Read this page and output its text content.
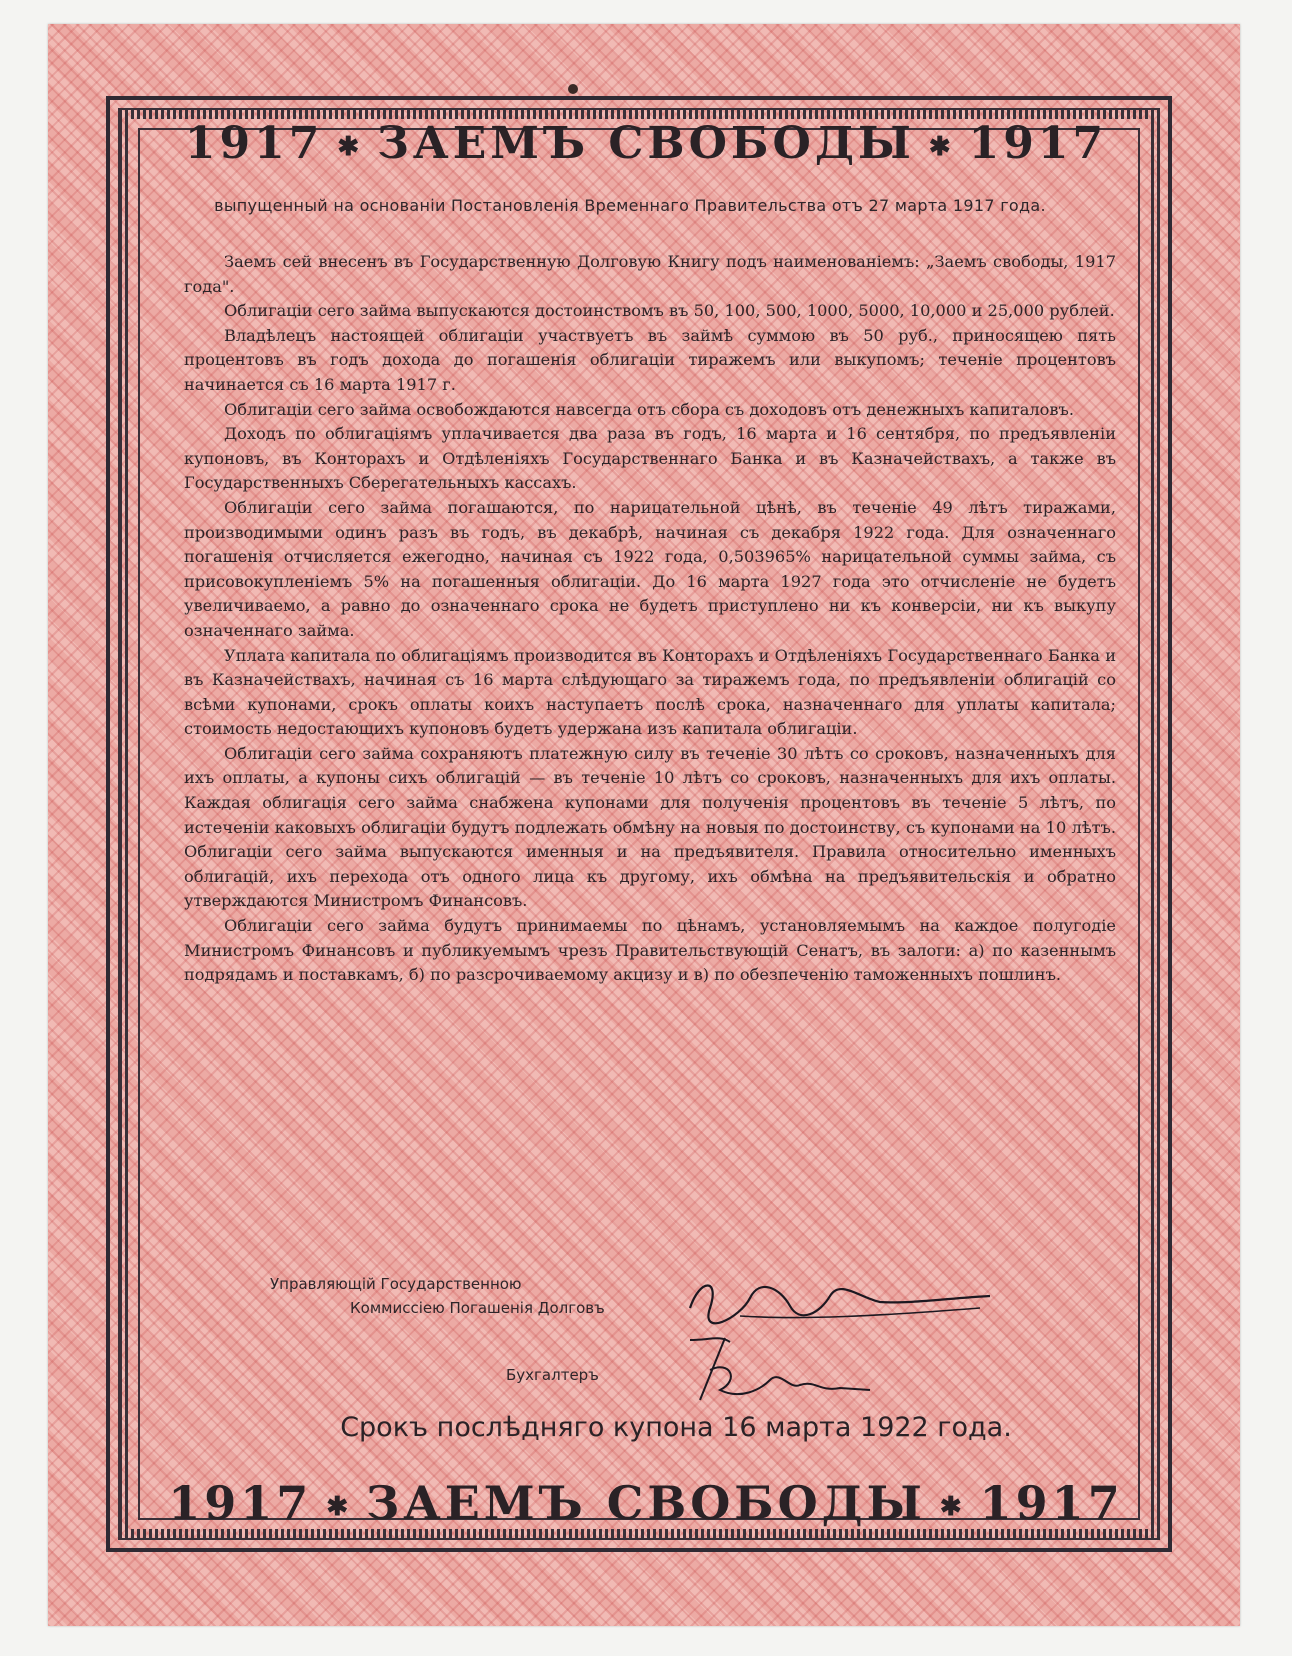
1917 ✱ ЗАЕМЪ СВОБОДЫ ✱ 1917
выпущенный на основаніи Постановленія Временнаго Правительства отъ 27 марта 1917 года.

Заемъ сей внесенъ въ Государственную Долговую Книгу подъ наименованіемъ: „Заемъ свободы, 1917 года".

Облигаціи сего займа выпускаются достоинствомъ въ 50, 100, 500, 1000, 5000, 10,000 и 25,000 рублей.

Владѣлецъ настоящей облигаціи участвуетъ въ займѣ суммою въ 50 руб., приносящею пять процентовъ въ годъ дохода до погашенія облигаціи тиражемъ или выкупомъ; теченіе процентовъ начинается съ 16 марта 1917 г.

Облигаціи сего займа освобождаются навсегда отъ сбора съ доходовъ отъ денежныхъ капиталовъ.

Доходъ по облигаціямъ уплачивается два раза въ годъ, 16 марта и 16 сентября, по предъявленіи купоновъ, въ Конторахъ и Отдѣленіяхъ Государственнаго Банка и въ Казначействахъ, а также въ Государственныхъ Сберегательныхъ кассахъ.

Облигаціи сего займа погашаются, по нарицательной цѣнѣ, въ теченіе 49 лѣтъ тиражами, производимыми одинъ разъ въ годъ, въ декабрѣ, начиная съ декабря 1922 года. Для означеннаго погашенія отчисляется ежегодно, начиная съ 1922 года, 0,503965% нарицательной суммы займа, съ присовокупленіемъ 5% на погашенныя облигаціи. До 16 марта 1927 года это отчисленіе не будетъ увеличиваемо, а равно до означеннаго срока не будетъ приступлено ни къ конверсіи, ни къ выкупу означеннаго займа.

Уплата капитала по облигаціямъ производится въ Конторахъ и Отдѣленіяхъ Государственнаго Банка и въ Казначействахъ, начиная съ 16 марта слѣдующаго за тиражемъ года, по предъявленіи облигацій со всѣми купонами, срокъ оплаты коихъ наступаетъ послѣ срока, назначеннаго для уплаты капитала; стоимость недостающихъ купоновъ будетъ удержана изъ капитала облигаціи.

Облигаціи сего займа сохраняютъ платежную силу въ теченіе 30 лѣтъ со сроковъ, назначенныхъ для ихъ оплаты, а купоны сихъ облигацій — въ теченіе 10 лѣтъ со сроковъ, назначенныхъ для ихъ оплаты. Каждая облигація сего займа снабжена купонами для полученія процентовъ въ теченіе 5 лѣтъ, по истеченіи каковыхъ облигаціи будутъ подлежать обмѣну на новыя по достоинству, съ купонами на 10 лѣтъ. Облигаціи сего займа выпускаются именныя и на предъявителя. Правила относительно именныхъ облигацій, ихъ перехода отъ одного лица къ другому, ихъ обмѣна на предъявительскія и обратно утверждаются Министромъ Финансовъ.

Облигаціи сего займа будутъ принимаемы по цѣнамъ, установляемымъ на каждое полугодіе Министромъ Финансовъ и публикуемымъ чрезъ Правительствующій Сенатъ, въ залоги: а) по казеннымъ подрядамъ и поставкамъ, б) по разсрочиваемому акцизу и в) по обезпеченію таможенныхъ пошлинъ.

Управляющій Государственною
Коммиссіею Погашенія Долговъ
Бухгалтеръ
Срокъ послѣдняго купона 16 марта 1922 года.
1917 ✱ ЗАЕМЪ СВОБОДЫ ✱ 1917
